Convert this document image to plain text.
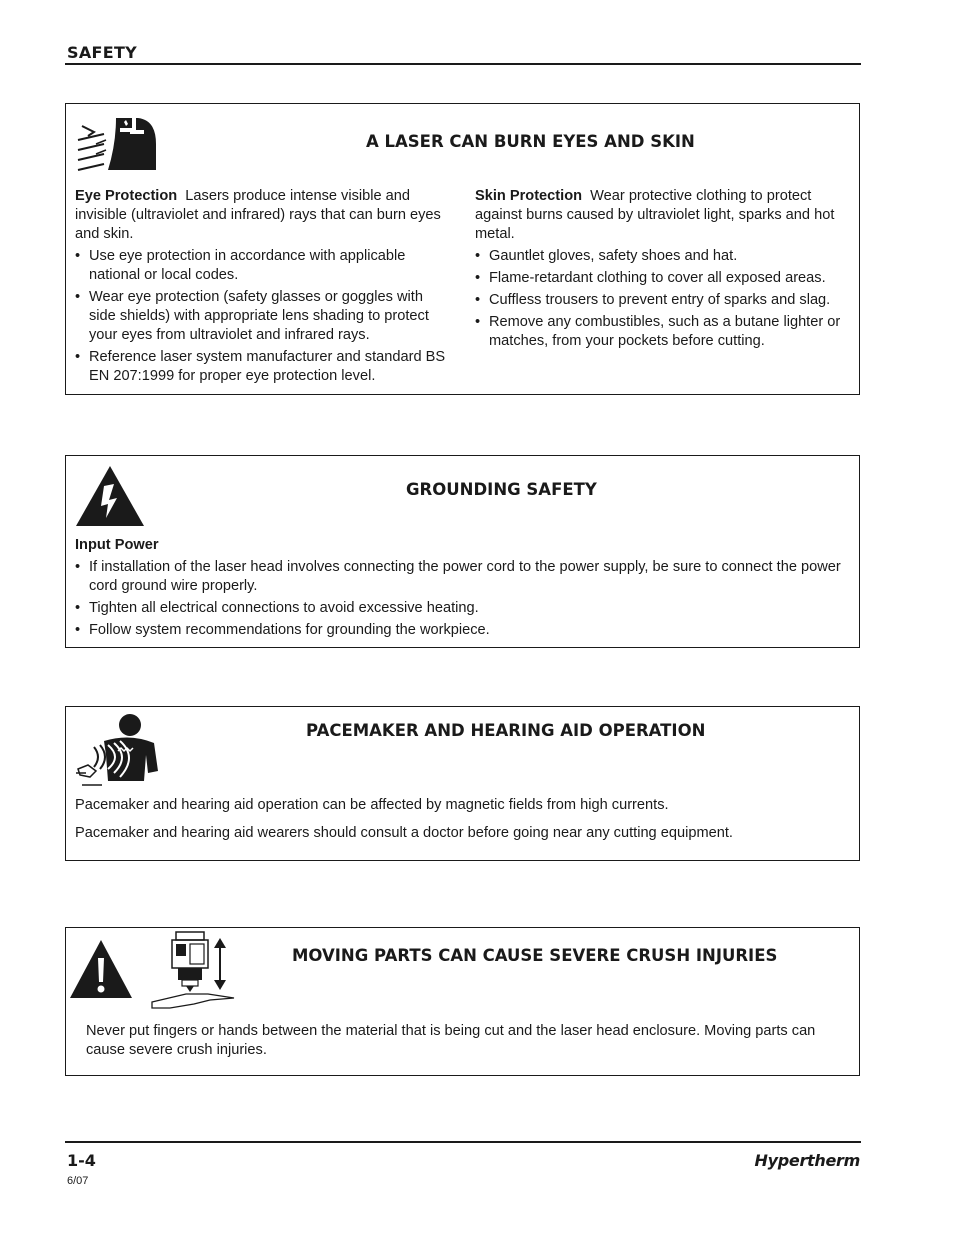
SAFETY
A LASER CAN BURN EYES AND SKIN
Eye Protection Lasers produce intense visible and invisible (ultraviolet and infrared) rays that can burn eyes and skin.
• Use eye protection in accordance with applicable national or local codes.
• Wear eye protection (safety glasses or goggles with side shields) with appropriate lens shading to protect your eyes from ultraviolet and infrared rays.
• Reference laser system manufacturer and standard BS EN 207:1999 for proper eye protection level.
Skin Protection Wear protective clothing to protect against burns caused by ultraviolet light, sparks and hot metal.
• Gauntlet gloves, safety shoes and hat.
• Flame-retardant clothing to cover all exposed areas.
• Cuffless trousers to prevent entry of sparks and slag.
• Remove any combustibles, such as a butane lighter or matches, from your pockets before cutting.
GROUNDING SAFETY
Input Power
• If installation of the laser head involves connecting the power cord to the power supply, be sure to connect the power cord ground wire properly.
• Tighten all electrical connections to avoid excessive heating.
• Follow system recommendations for grounding the workpiece.
PACEMAKER AND HEARING AID OPERATION

Pacemaker and hearing aid operation can be affected by magnetic fields from high currents.

Pacemaker and hearing aid wearers should consult a doctor before going near any cutting equipment.

MOVING PARTS CAN CAUSE SEVERE CRUSH INJURIES

Never put fingers or hands between the material that is being cut and the laser head enclosure. Moving parts can cause severe crush injuries.

1-4
6/07
Hypertherm
